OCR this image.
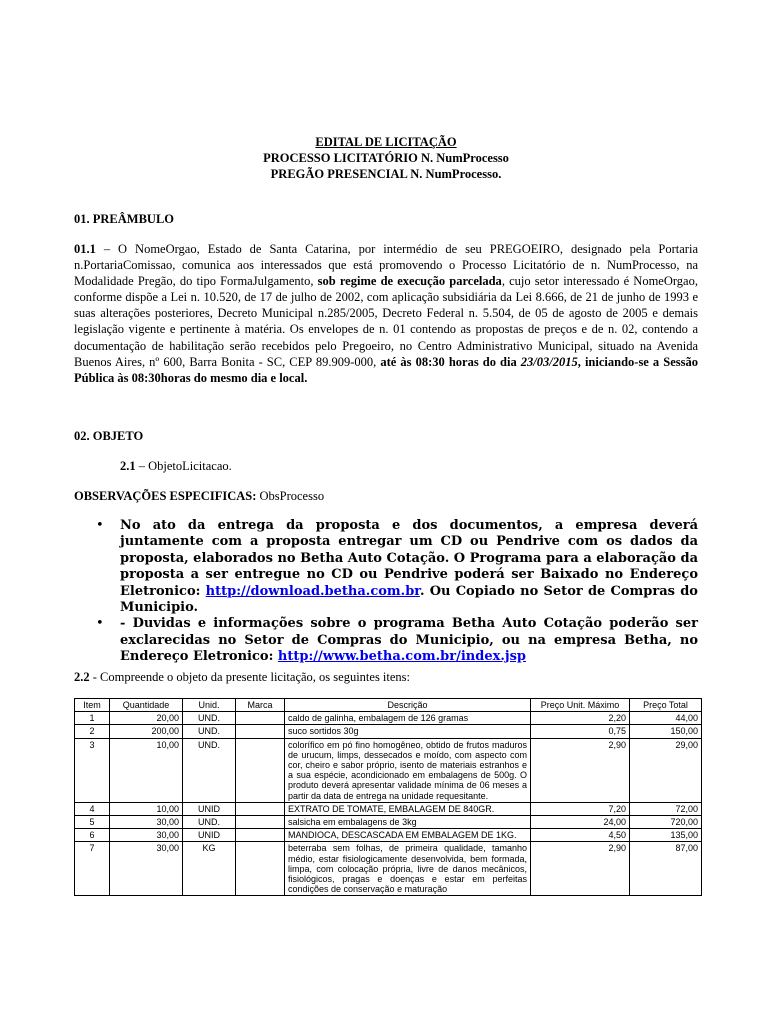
EDITAL DE LICITAÇÃO
PROCESSO LICITATÓRIO N. NumProcesso
PREGÃO PRESENCIAL N. NumProcesso.
01. PREÂMBULO
01.1 – O NomeOrgao, Estado de Santa Catarina, por intermédio de seu PREGOEIRO, designado pela Portaria n.PortariaComissao, comunica aos interessados que está promovendo o Processo Licitatório de n. NumProcesso, na Modalidade Pregão, do tipo FormaJulgamento, sob regime de execução parcelada, cujo setor interessado é NomeOrgao, conforme dispõe a Lei n. 10.520, de 17 de julho de 2002, com aplicação subsidiária da Lei 8.666, de 21 de junho de 1993 e suas alterações posteriores, Decreto Municipal n.285/2005, Decreto Federal n. 5.504, de 05 de agosto de 2005 e demais legislação vigente e pertinente à matéria. Os envelopes de n. 01 contendo as propostas de preços e de n. 02, contendo a documentação de habilitação serão recebidos pelo Pregoeiro, no Centro Administrativo Municipal, situado na Avenida Buenos Aires, nº 600, Barra Bonita - SC, CEP 89.909-000, até às 08:30 horas do dia 23/03/2015, iniciando-se a Sessão Pública às 08:30horas do mesmo dia e local.
02. OBJETO
2.1 – ObjetoLicitacao.
OBSERVAÇÕES ESPECIFICAS: ObsProcesso
• No ato da entrega da proposta e dos documentos, a empresa deverá juntamente com a proposta entregar um CD ou Pendrive com os dados da proposta, elaborados no Betha Auto Cotação. O Programa para a elaboração da proposta a ser entregue no CD ou Pendrive poderá ser Baixado no Endereço Eletronico: http://download.betha.com.br. Ou Copiado no Setor de Compras do Municipio.
• - Duvidas e informações sobre o programa Betha Auto Cotação poderão ser exclarecidas no Setor de Compras do Municipio, ou na empresa Betha, no Endereço Eletronico: http://www.betha.com.br/index.jsp
2.2 - Compreende o objeto da presente licitação, os seguintes itens:
Item	Quantidade	Unid.	Marca	Descrição	Preço Unit. Máximo	Preço Total
1	20,00	UND.		caldo de galinha, embalagem de 126 gramas	2,20	44,00
2	200,00	UND.		suco sortidos 30g	0,75	150,00
3	10,00	UND.		colorífico em pó fino homogêneo, obtido de frutos maduros de urucum, limps, dessecados e moído, com aspecto com cor, cheiro e sabor próprio, isento de materiais estranhos e a sua espécie, acondicionado em embalagens de 500g. O produto deverá apresentar validade mínima de 06 meses a partir da data de entrega na unidade requesitante.	2,90	29,00
4	10,00	UNID		EXTRATO DE TOMATE, EMBALAGEM DE 840GR.	7,20	72,00
5	30,00	UND.		salsicha em embalagens de 3kg	24,00	720,00
6	30,00	UNID		MANDIOCA, DESCASCADA EM EMBALAGEM DE 1KG.	4,50	135,00
7	30,00	KG		beterraba sem folhas, de primeira qualidade, tamanho médio, estar fisiologicamente desenvolvida, bem formada, limpa, com colocação própria, livre de danos mecânicos, fisiológicos, pragas e doenças e estar em perfeitas condições de conservação e maturação	2,90	87,00
